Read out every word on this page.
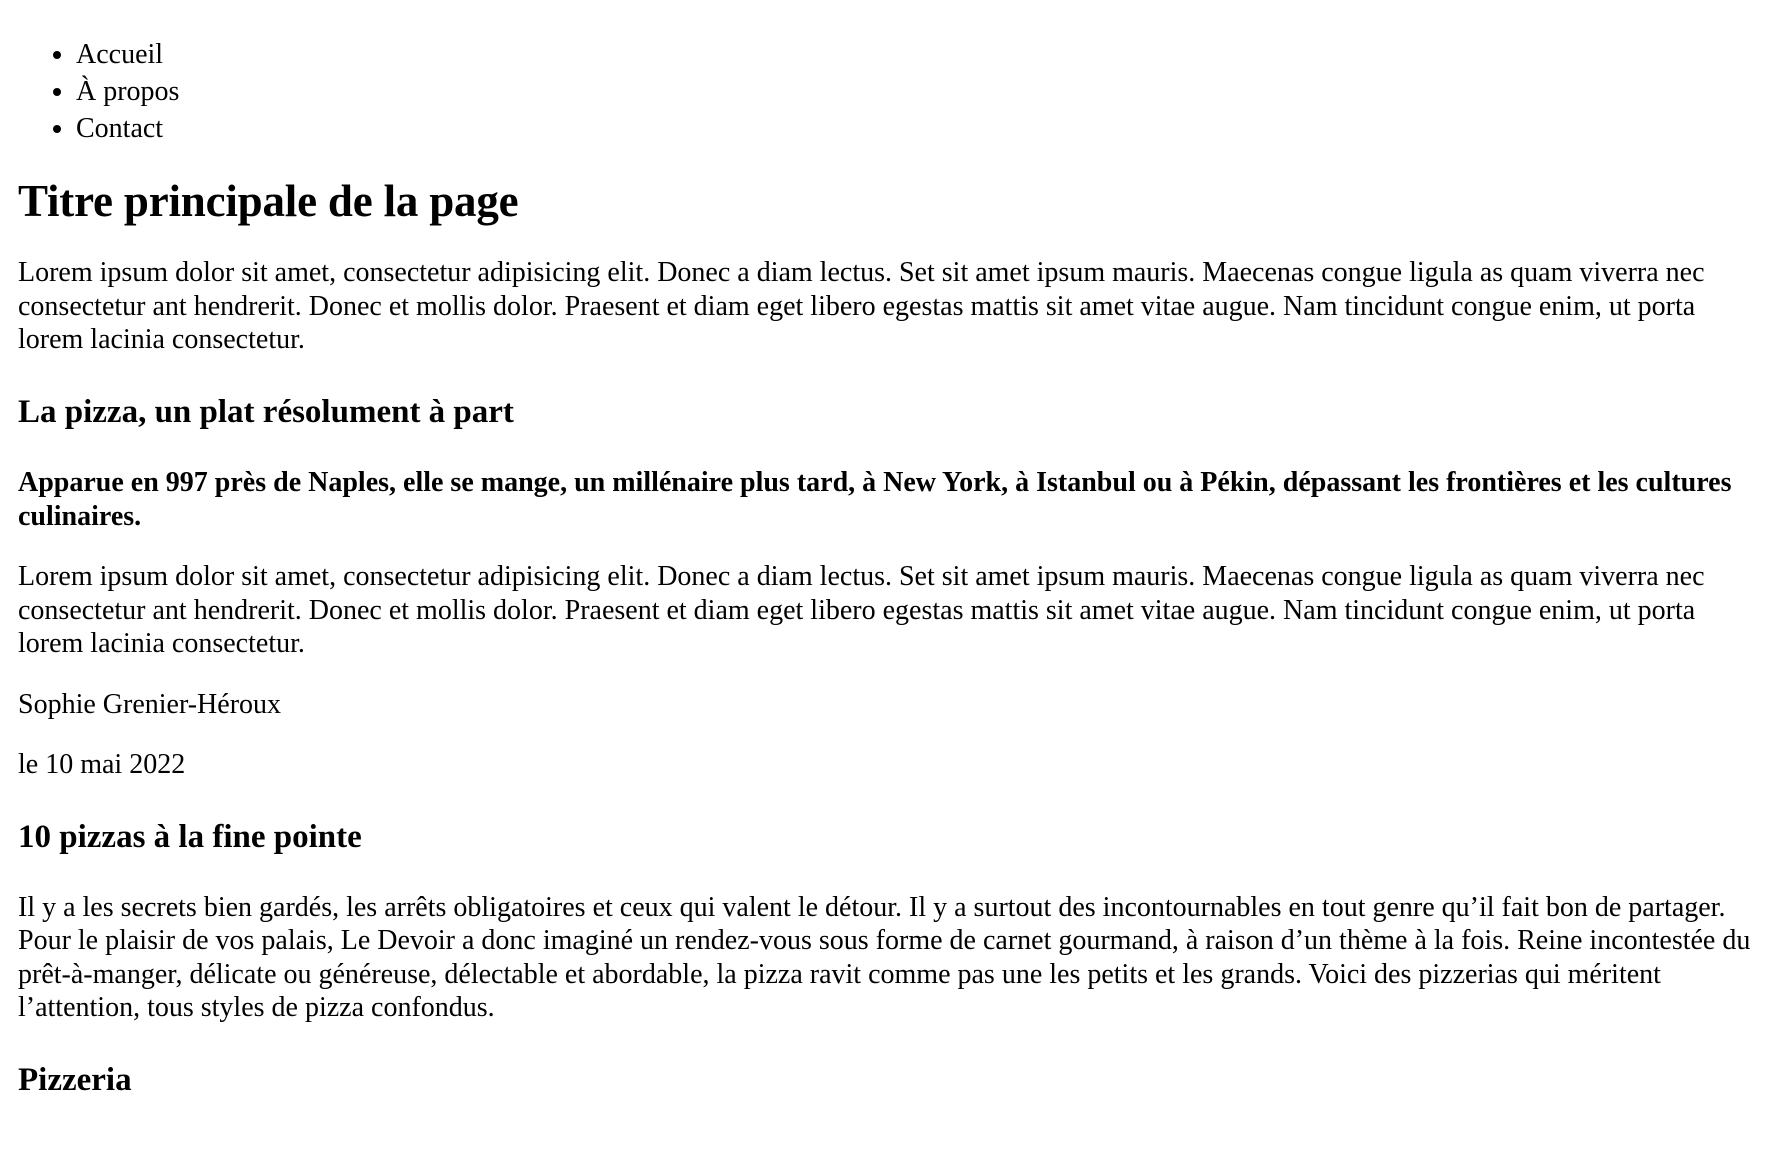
• Accueil
• À propos
• Contact
Titre principale de la page

Lorem ipsum dolor sit amet, consectetur adipisicing elit. Donec a diam lectus. Set sit amet ipsum mauris. Maecenas congue ligula as quam viverra nec consectetur ant hendrerit. Donec et mollis dolor. Praesent et diam eget libero egestas mattis sit amet vitae augue. Nam tincidunt congue enim, ut porta lorem lacinia consectetur.

La pizza, un plat résolument à part

Apparue en 997 près de Naples, elle se mange, un millénaire plus tard, à New York, à Istanbul ou à Pékin, dépassant les frontières et les cultures culinaires.

Lorem ipsum dolor sit amet, consectetur adipisicing elit. Donec a diam lectus. Set sit amet ipsum mauris. Maecenas congue ligula as quam viverra nec consectetur ant hendrerit. Donec et mollis dolor. Praesent et diam eget libero egestas mattis sit amet vitae augue. Nam tincidunt congue enim, ut porta lorem lacinia consectetur.

Sophie Grenier-Héroux

le 10 mai 2022

10 pizzas à la fine pointe

Il y a les secrets bien gardés, les arrêts obligatoires et ceux qui valent le détour. Il y a surtout des incontournables en tout genre qu’il fait bon de partager. Pour le plaisir de vos palais, Le Devoir a donc imaginé un rendez-vous sous forme de carnet gourmand, à raison d’un thème à la fois. Reine incontestée du prêt-à-manger, délicate ou généreuse, délectable et abordable, la pizza ravit comme pas une les petits et les grands. Voici des pizzerias qui méritent l’attention, tous styles de pizza confondus.

Pizzeria
